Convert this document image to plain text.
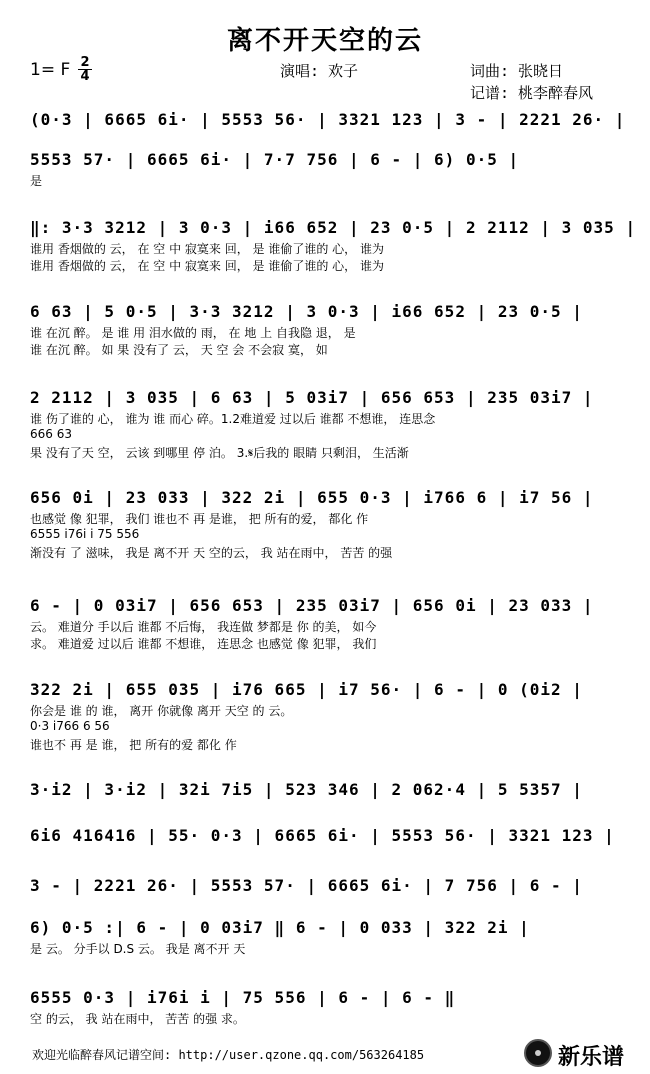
离不开天空的云
1= F 2
4	演唱: 欢子	词曲: 张晓日
记谱: 桃李醉春风
(0·3 | 6665 6i· | 5553 56· | 3321 123 | 3 - | 2221 26· |
5553 57· | 6665 6i· | 7·7 756 | 6 - | 6) 0·5 |
是
‖: 3·3 3212 | 3 0·3 | i66 652 | 23 0·5 | 2 2112 | 3 035 |
谁用 香烟做的 云， 在 空 中 寂寞来 回， 是 谁偷了谁的 心， 谁为
谁用 香烟做的 云， 在 空 中 寂寞来 回， 是 谁偷了谁的 心， 谁为
6 63 | 5 0·5 | 3·3 3212 | 3 0·3 | i66 652 | 23 0·5 |
谁 在沉 醉。 是 谁 用 泪水做的 雨， 在 地 上 自我隐 退， 是
谁 在沉 醉。 如 果 没有了 云， 天 空 会 不会寂 寞， 如
2 2112 | 3 035 | 6 63 | 5 03i7 | 656 653 | 235 03i7 |
谁 伤了谁的 心， 谁为 谁 而心 碎。1.2难道爱 过以后 谁都 不想谁， 连思念
666 63
果 没有了天 空， 云该 到哪里 停 泊。 3.𝄋后我的 眼睛 只剩泪， 生活渐
656 0i | 23 033 | 322 2i | 655 0·3 | i766 6 | i7 56 |
也感觉 像 犯罪， 我们 谁也不 再 是谁， 把 所有的爱， 都化 作
6555 i76i i 75 556
渐没有 了 滋味， 我是 离不开 天 空的云， 我 站在雨中， 苦苦 的强
6 - | 0 03i7 | 656 653 | 235 03i7 | 656 0i | 23 033 |
云。 难道分 手以后 谁都 不后悔， 我连做 梦都是 你 的美， 如今
求。 难道爱 过以后 谁都 不想谁， 连思念 也感觉 像 犯罪， 我们
322 2i | 655 035 | i76 665 | i7 56· | 6 - | 0 (0i2 |
你会是 谁 的 谁， 离开 你就像 离开 天空 的 云。
0·3 i766 6 56
谁也不 再 是 谁， 把 所有的爱 都化 作
3·i2 | 3·i2 | 32i 7i5 | 523 346 | 2 062·4 | 5 5357 |
6i6 416416 | 55· 0·3 | 6665 6i· | 5553 56· | 3321 123 |
3 - | 2221 26· | 5553 57· | 6665 6i· | 7 756 | 6 - |
6) 0·5 :| 6 - | 0 03i7 ‖ 6 - | 0 033 | 322 2i |
是 云。 分手以 D.S 云。 我是 离不开 天
6555 0·3 | i76i i | 75 556 | 6 - | 6 - ‖
空 的云， 我 站在雨中， 苦苦 的强 求。
欢迎光临醉春风记谱空间: http://user.qzone.qq.com/563264185	新乐谱
